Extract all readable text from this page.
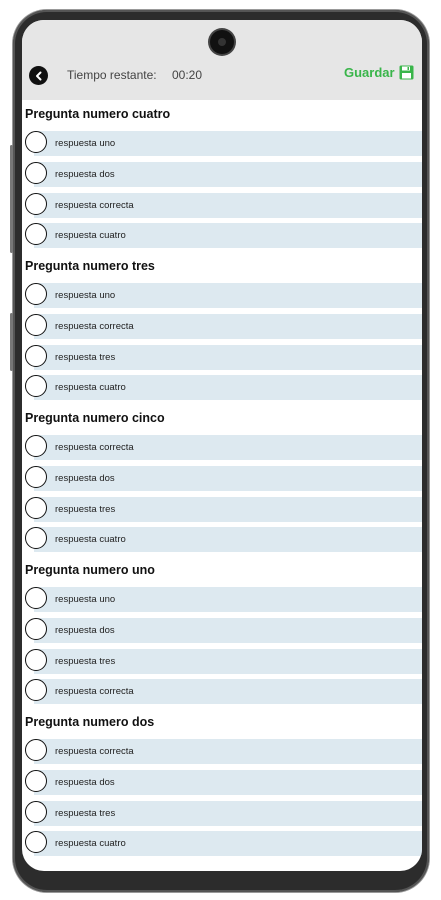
Tiempo restante: 00:20	Guardar
Pregunta numero cuatro
respuesta uno
respuesta dos
respuesta correcta
respuesta cuatro
Pregunta numero tres
respuesta uno
respuesta correcta
respuesta tres
respuesta cuatro
Pregunta numero cinco
respuesta correcta
respuesta dos
respuesta tres
respuesta cuatro
Pregunta numero uno
respuesta uno
respuesta dos
respuesta tres
respuesta correcta
Pregunta numero dos
respuesta correcta
respuesta dos
respuesta tres
respuesta cuatro
